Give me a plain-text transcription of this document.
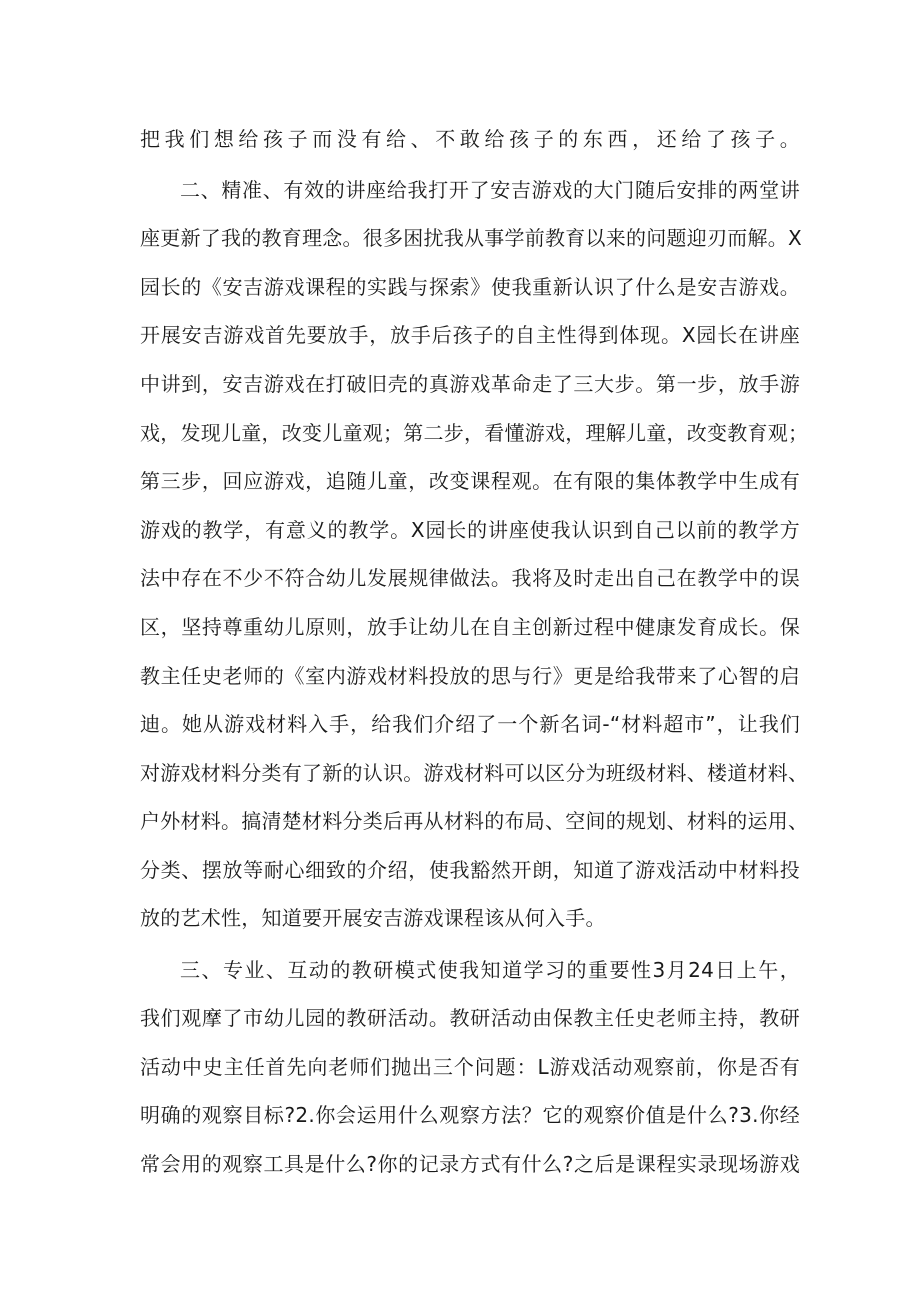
把我们想给孩子而没有给、不敢给孩子的东西，还给了孩子。
二、精准、有效的讲座给我打开了安吉游戏的大门随后安排的两堂讲
座更新了我的教育理念。很多困扰我从事学前教育以来的问题迎刃而解。X
园长的《安吉游戏课程的实践与探索》使我重新认识了什么是安吉游戏。
开展安吉游戏首先要放手，放手后孩子的自主性得到体现。X园长在讲座
中讲到，安吉游戏在打破旧壳的真游戏革命走了三大步。第一步，放手游
戏，发现儿童，改变儿童观；第二步，看懂游戏，理解儿童，改变教育观；
第三步，回应游戏，追随儿童，改变课程观。在有限的集体教学中生成有
游戏的教学，有意义的教学。X园长的讲座使我认识到自己以前的教学方
法中存在不少不符合幼儿发展规律做法。我将及时走出自己在教学中的误
区，坚持尊重幼儿原则，放手让幼儿在自主创新过程中健康发育成长。保
教主任史老师的《室内游戏材料投放的思与行》更是给我带来了心智的启
迪。她从游戏材料入手，给我们介绍了一个新名词-“材料超市”，让我们
对游戏材料分类有了新的认识。游戏材料可以区分为班级材料、楼道材料、
户外材料。搞清楚材料分类后再从材料的布局、空间的规划、材料的运用、
分类、摆放等耐心细致的介绍，使我豁然开朗，知道了游戏活动中材料投
放的艺术性，知道要开展安吉游戏课程该从何入手。
三、专业、互动的教研模式使我知道学习的重要性3月24日上午，
我们观摩了市幼儿园的教研活动。教研活动由保教主任史老师主持，教研
活动中史主任首先向老师们抛出三个问题：L游戏活动观察前，你是否有
明确的观察目标?2.你会运用什么观察方法？它的观察价值是什么?3.你经
常会用的观察工具是什么?你的记录方式有什么?之后是课程实录现场游戏
